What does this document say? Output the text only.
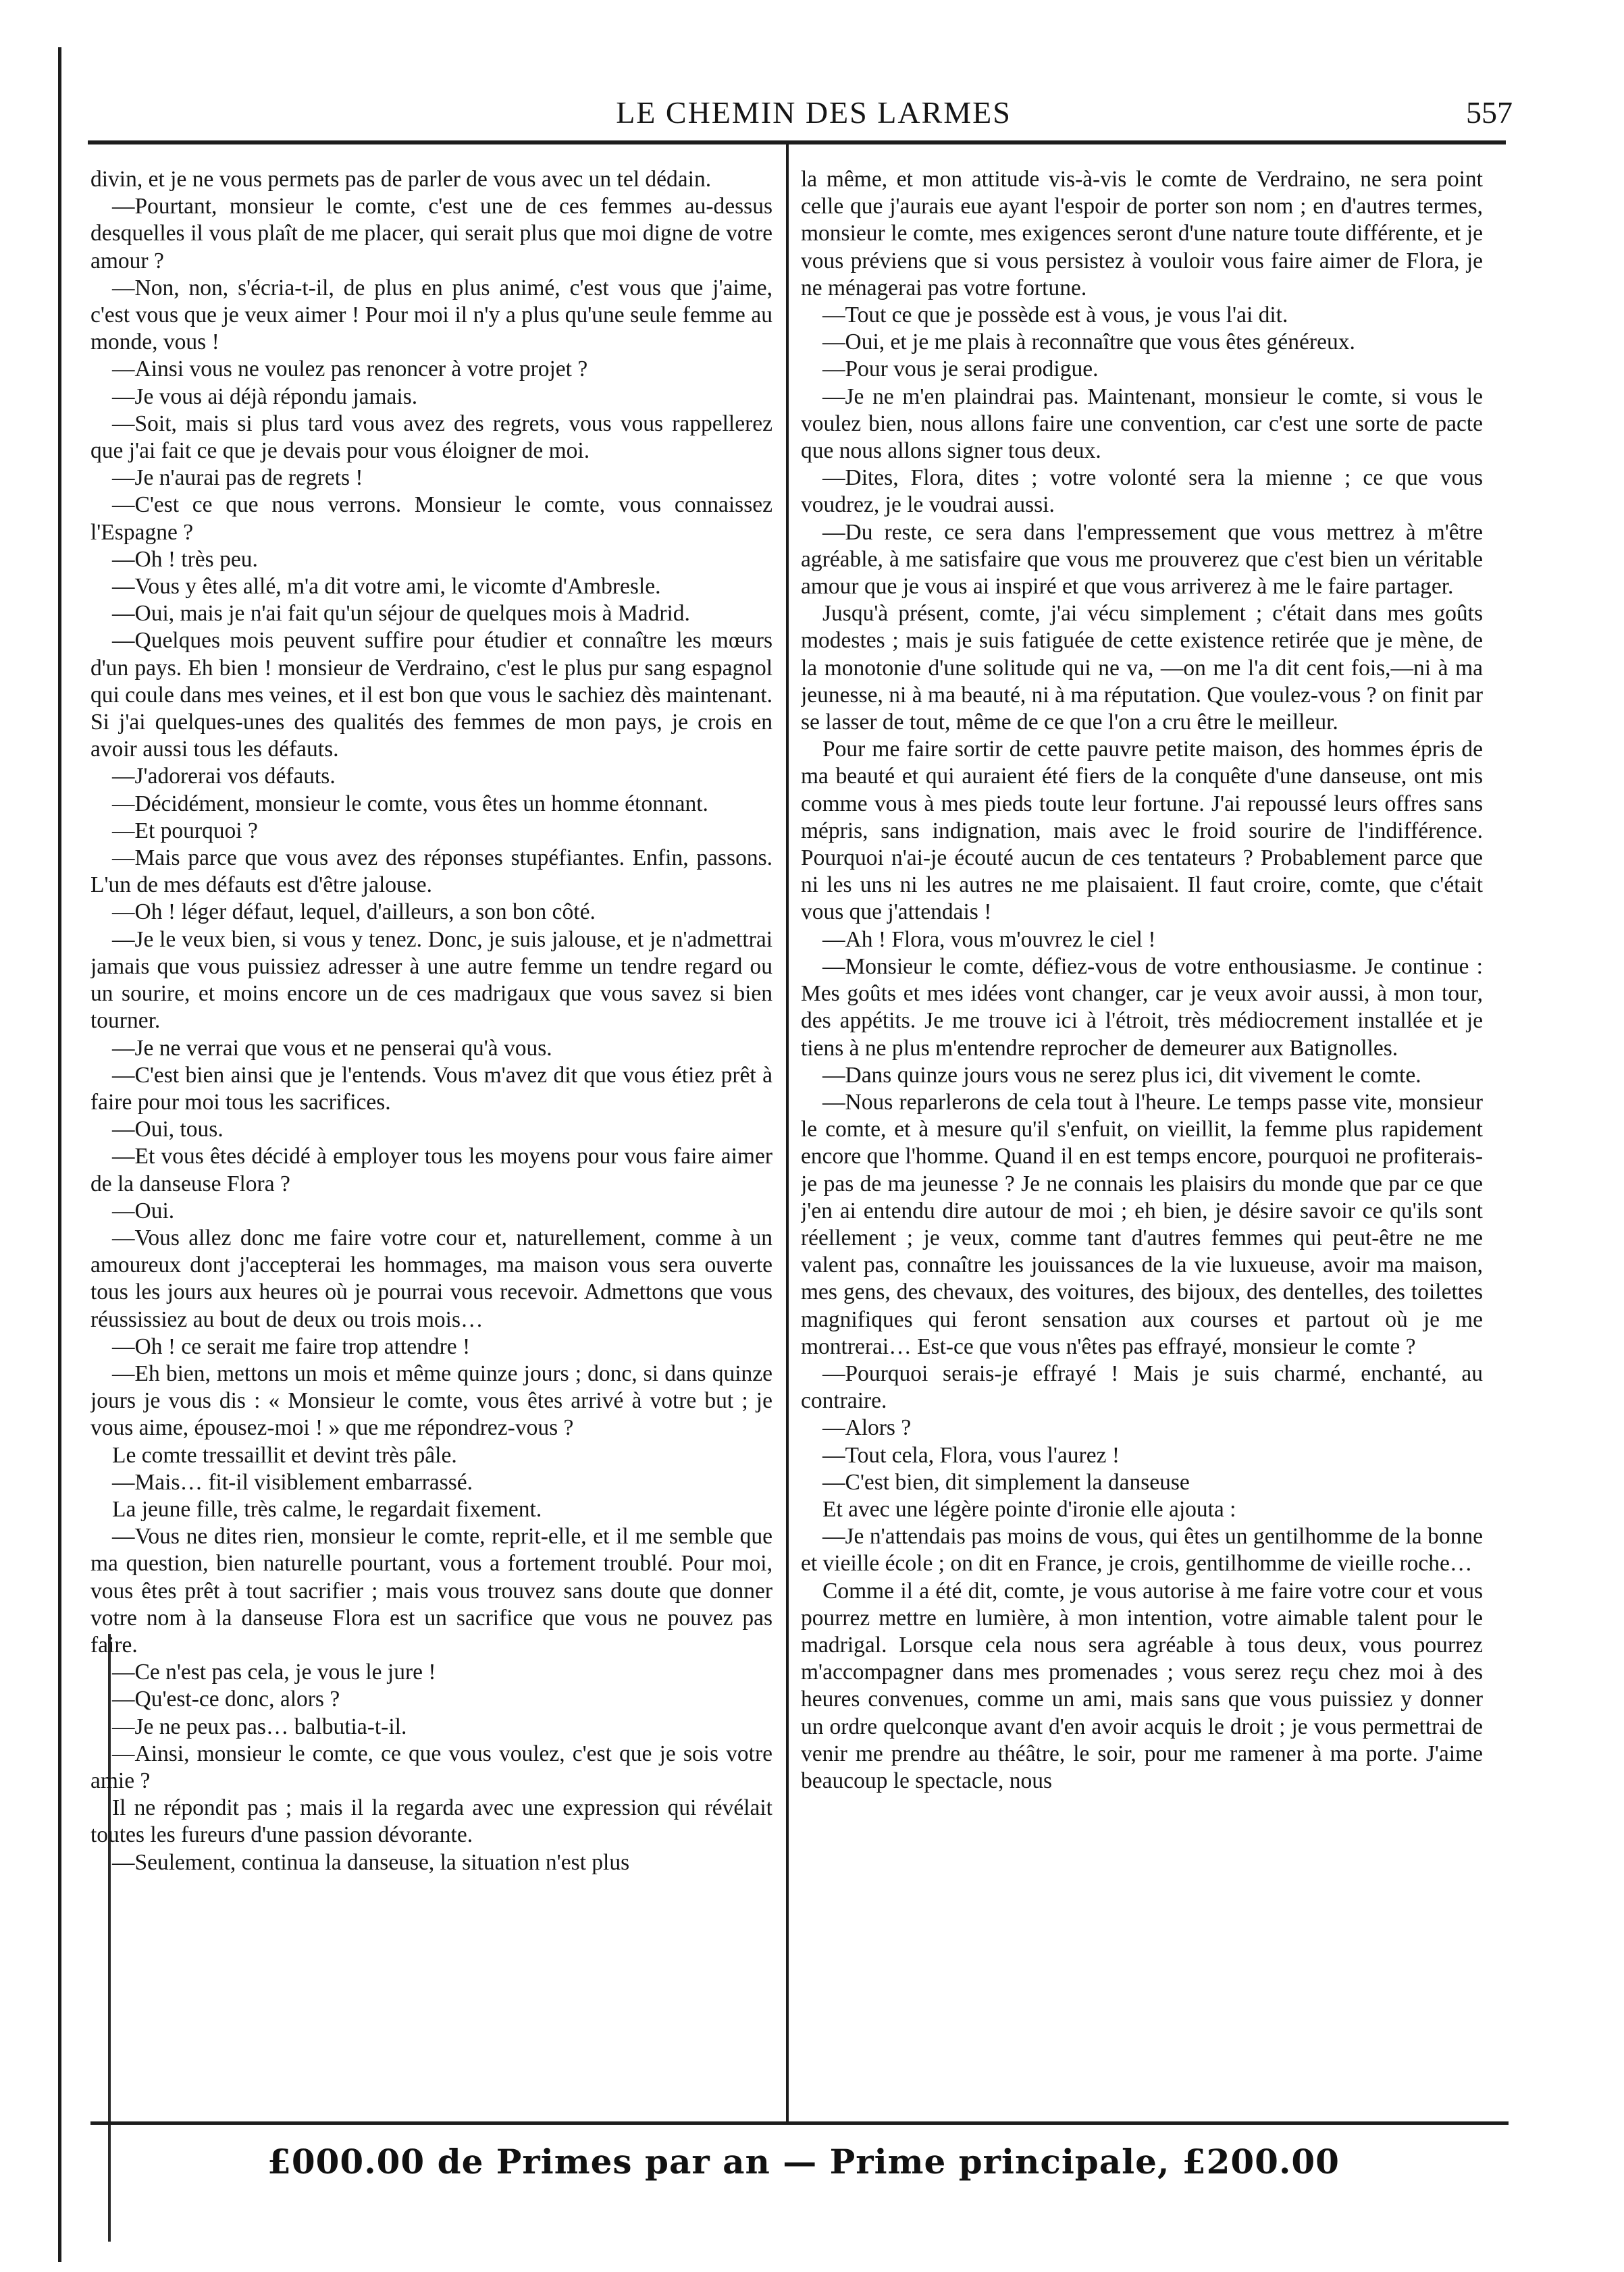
LE CHEMIN DES LARMES	557

divin, et je ne vous permets pas de parler de vous avec un tel dédain.

—Pourtant, monsieur le comte, c'est une de ces femmes au-dessus desquelles il vous plaît de me placer, qui serait plus que moi digne de votre amour ?

—Non, non, s'écria-t-il, de plus en plus animé, c'est vous que j'aime, c'est vous que je veux aimer ! Pour moi il n'y a plus qu'une seule femme au monde, vous !

—Ainsi vous ne voulez pas renoncer à votre projet ?

—Je vous ai déjà répondu jamais.

—Soit, mais si plus tard vous avez des regrets, vous vous rappellerez que j'ai fait ce que je devais pour vous éloigner de moi.

—Je n'aurai pas de regrets !

—C'est ce que nous verrons. Monsieur le comte, vous connaissez l'Espagne ?

—Oh ! très peu.

—Vous y êtes allé, m'a dit votre ami, le vicomte d'Ambresle.

—Oui, mais je n'ai fait qu'un séjour de quelques mois à Madrid.

—Quelques mois peuvent suffire pour étudier et connaître les mœurs d'un pays. Eh bien ! monsieur de Verdraino, c'est le plus pur sang espagnol qui coule dans mes veines, et il est bon que vous le sachiez dès maintenant. Si j'ai quelques-unes des qualités des femmes de mon pays, je crois en avoir aussi tous les défauts.

—J'adorerai vos défauts.

—Décidément, monsieur le comte, vous êtes un homme étonnant.

—Et pourquoi ?

—Mais parce que vous avez des réponses stupéfiantes. Enfin, passons. L'un de mes défauts est d'être jalouse.

—Oh ! léger défaut, lequel, d'ailleurs, a son bon côté.

—Je le veux bien, si vous y tenez. Donc, je suis jalouse, et je n'admettrai jamais que vous puissiez adresser à une autre femme un tendre regard ou un sourire, et moins encore un de ces madrigaux que vous savez si bien tourner.

—Je ne verrai que vous et ne penserai qu'à vous.

—C'est bien ainsi que je l'entends. Vous m'avez dit que vous étiez prêt à faire pour moi tous les sacrifices.

—Oui, tous.

—Et vous êtes décidé à employer tous les moyens pour vous faire aimer de la danseuse Flora ?

—Oui.

—Vous allez donc me faire votre cour et, naturellement, comme à un amoureux dont j'accepterai les hommages, ma maison vous sera ouverte tous les jours aux heures où je pourrai vous recevoir. Admettons que vous réussissiez au bout de deux ou trois mois…

—Oh ! ce serait me faire trop attendre !

—Eh bien, mettons un mois et même quinze jours ; donc, si dans quinze jours je vous dis : « Monsieur le comte, vous êtes arrivé à votre but ; je vous aime, épousez-moi ! » que me répondrez-vous ?

Le comte tressaillit et devint très pâle.

—Mais… fit-il visiblement embarrassé.

La jeune fille, très calme, le regardait fixement.

—Vous ne dites rien, monsieur le comte, reprit-elle, et il me semble que ma question, bien naturelle pourtant, vous a fortement troublé. Pour moi, vous êtes prêt à tout sacrifier ; mais vous trouvez sans doute que donner votre nom à la danseuse Flora est un sacrifice que vous ne pouvez pas faire.

—Ce n'est pas cela, je vous le jure !

—Qu'est-ce donc, alors ?

—Je ne peux pas… balbutia-t-il.

—Ainsi, monsieur le comte, ce que vous voulez, c'est que je sois votre amie ?

Il ne répondit pas ; mais il la regarda avec une expression qui révélait toutes les fureurs d'une passion dévorante.

—Seulement, continua la danseuse, la situation n'est plus

la même, et mon attitude vis-à-vis le comte de Verdraino, ne sera point celle que j'aurais eue ayant l'espoir de porter son nom ; en d'autres termes, monsieur le comte, mes exigences seront d'une nature toute différente, et je vous préviens que si vous persistez à vouloir vous faire aimer de Flora, je ne ménagerai pas votre fortune.

—Tout ce que je possède est à vous, je vous l'ai dit.

—Oui, et je me plais à reconnaître que vous êtes généreux.

—Pour vous je serai prodigue.

—Je ne m'en plaindrai pas. Maintenant, monsieur le comte, si vous le voulez bien, nous allons faire une convention, car c'est une sorte de pacte que nous allons signer tous deux.

—Dites, Flora, dites ; votre volonté sera la mienne ; ce que vous voudrez, je le voudrai aussi.

—Du reste, ce sera dans l'empressement que vous mettrez à m'être agréable, à me satisfaire que vous me prouverez que c'est bien un véritable amour que je vous ai inspiré et que vous arriverez à me le faire partager.

Jusqu'à présent, comte, j'ai vécu simplement ; c'était dans mes goûts modestes ; mais je suis fatiguée de cette existence retirée que je mène, de la monotonie d'une solitude qui ne va, —on me l'a dit cent fois,—ni à ma jeunesse, ni à ma beauté, ni à ma réputation. Que voulez-vous ? on finit par se lasser de tout, même de ce que l'on a cru être le meilleur.

Pour me faire sortir de cette pauvre petite maison, des hommes épris de ma beauté et qui auraient été fiers de la conquête d'une danseuse, ont mis comme vous à mes pieds toute leur fortune. J'ai repoussé leurs offres sans mépris, sans indignation, mais avec le froid sourire de l'indifférence. Pourquoi n'ai-je écouté aucun de ces tentateurs ? Probablement parce que ni les uns ni les autres ne me plaisaient. Il faut croire, comte, que c'était vous que j'attendais !

—Ah ! Flora, vous m'ouvrez le ciel !

—Monsieur le comte, défiez-vous de votre enthousiasme. Je continue : Mes goûts et mes idées vont changer, car je veux avoir aussi, à mon tour, des appétits. Je me trouve ici à l'étroit, très médiocrement installée et je tiens à ne plus m'entendre reprocher de demeurer aux Batignolles.

—Dans quinze jours vous ne serez plus ici, dit vivement le comte.

—Nous reparlerons de cela tout à l'heure. Le temps passe vite, monsieur le comte, et à mesure qu'il s'enfuit, on vieillit, la femme plus rapidement encore que l'homme. Quand il en est temps encore, pourquoi ne profiterais-je pas de ma jeunesse ? Je ne connais les plaisirs du monde que par ce que j'en ai entendu dire autour de moi ; eh bien, je désire savoir ce qu'ils sont réellement ; je veux, comme tant d'autres femmes qui peut-être ne me valent pas, connaître les jouissances de la vie luxueuse, avoir ma maison, mes gens, des chevaux, des voitures, des bijoux, des dentelles, des toilettes magnifiques qui feront sensation aux courses et partout où je me montrerai… Est-ce que vous n'êtes pas effrayé, monsieur le comte ?

—Pourquoi serais-je effrayé ! Mais je suis charmé, enchanté, au contraire.

—Alors ?

—Tout cela, Flora, vous l'aurez !

—C'est bien, dit simplement la danseuse

Et avec une légère pointe d'ironie elle ajouta :

—Je n'attendais pas moins de vous, qui êtes un gentilhomme de la bonne et vieille école ; on dit en France, je crois, gentilhomme de vieille roche…

Comme il a été dit, comte, je vous autorise à me faire votre cour et vous pourrez mettre en lumière, à mon intention, votre aimable talent pour le madrigal. Lorsque cela nous sera agréable à tous deux, vous pourrez m'accompagner dans mes promenades ; vous serez reçu chez moi à des heures convenues, comme un ami, mais sans que vous puissiez y donner un ordre quelconque avant d'en avoir acquis le droit ; je vous permettrai de venir me prendre au théâtre, le soir, pour me ramener à ma porte. J'aime beaucoup le spectacle, nous

£000.00 de Primes par an — Prime principale, £200.00
